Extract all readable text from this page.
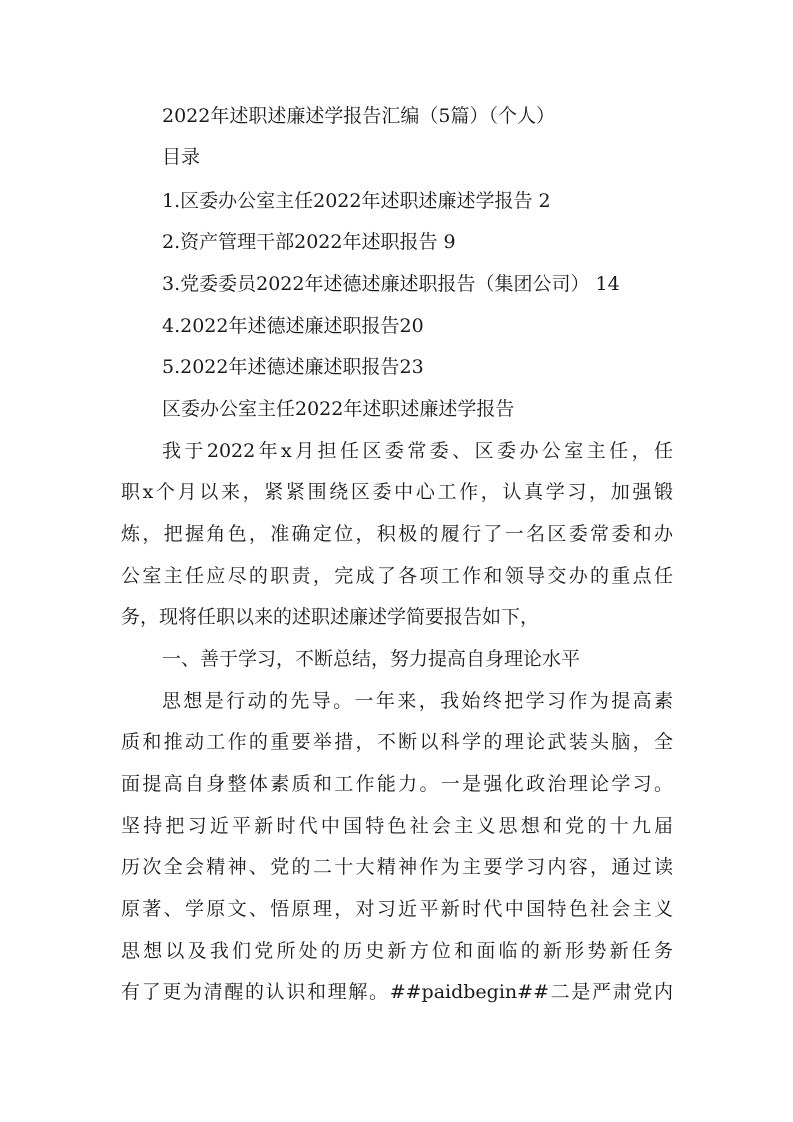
2022年述职述廉述学报告汇编（5篇）（个人）

目录

1.区委办公室主任2022年述职述廉述学报告 2

2.资产管理干部2022年述职报告 9

3.党委委员2022年述德述廉述职报告（集团公司） 14

4.2022年述德述廉述职报告20

5.2022年述德述廉述职报告23

区委办公室主任2022年述职述廉述学报告

我于2022年x月担任区委常委、区委办公室主任，任

职x个月以来，紧紧围绕区委中心工作，认真学习，加强锻

炼，把握角色，准确定位，积极的履行了一名区委常委和办

公室主任应尽的职责，完成了各项工作和领导交办的重点任

务，现将任职以来的述职述廉述学简要报告如下，

一、善于学习，不断总结，努力提高自身理论水平

思想是行动的先导。一年来，我始终把学习作为提高素

质和推动工作的重要举措，不断以科学的理论武装头脑，全

面提高自身整体素质和工作能力。一是强化政治理论学习。

坚持把习近平新时代中国特色社会主义思想和党的十九届

历次全会精神、党的二十大精神作为主要学习内容，通过读

原著、学原文、悟原理，对习近平新时代中国特色社会主义

思想以及我们党所处的历史新方位和面临的新形势新任务

有了更为清醒的认识和理解。##paidbegin##二是严肃党内
